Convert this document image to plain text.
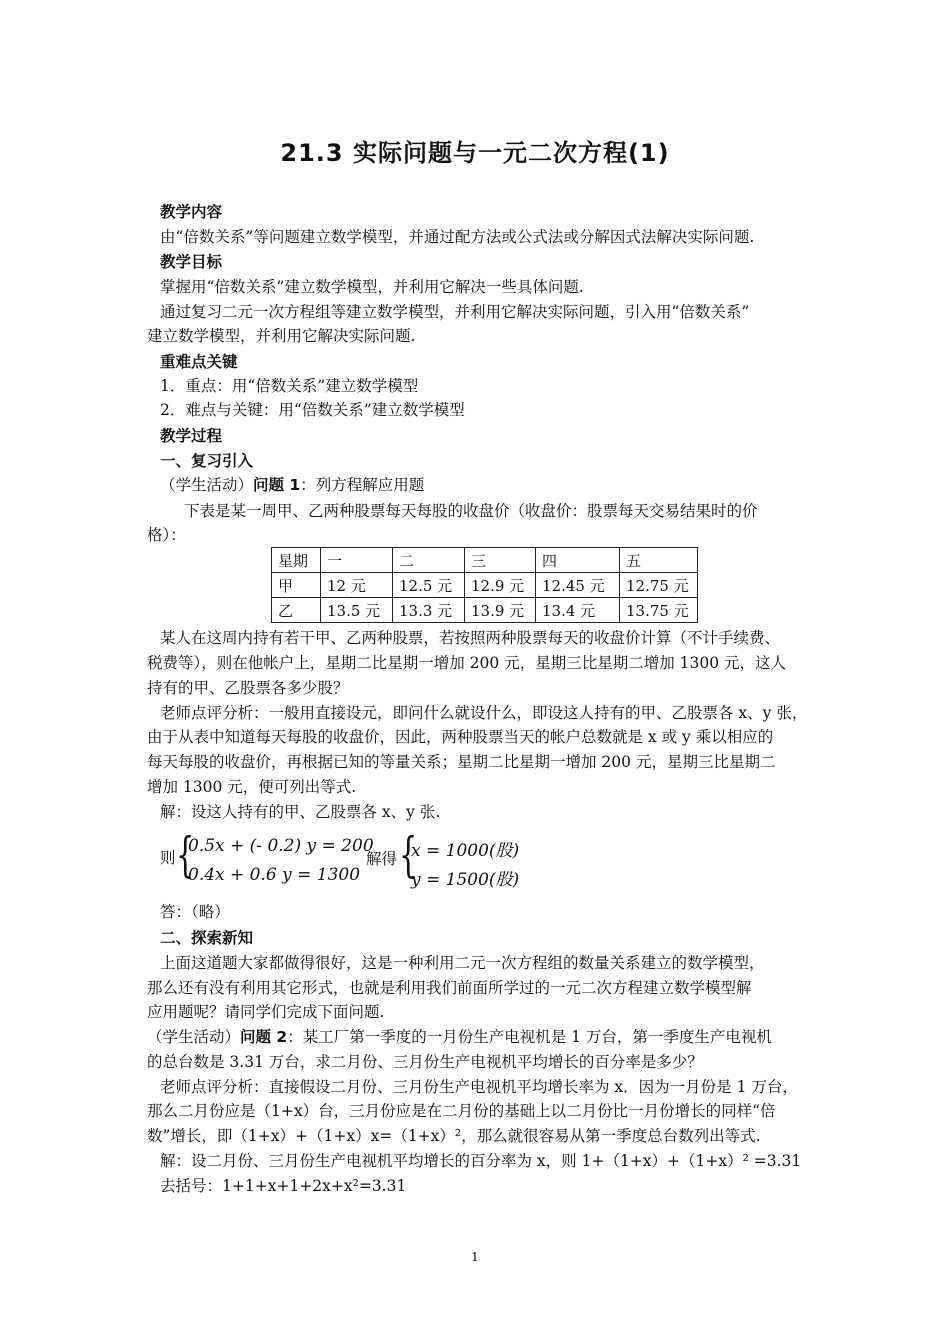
21.3 实际问题与一元二次方程(1)
教学内容
由“倍数关系”等问题建立数学模型，并通过配方法或公式法或分解因式法解决实际问题.
教学目标
掌握用“倍数关系”建立数学模型，并利用它解决一些具体问题.
通过复习二元一次方程组等建立数学模型，并利用它解决实际问题，引入用“倍数关系”
建立数学模型，并利用它解决实际问题.
重难点关键
1．重点：用“倍数关系”建立数学模型
2．难点与关键：用“倍数关系”建立数学模型
教学过程
一、复习引入
（学生活动）问题 1：列方程解应用题
下表是某一周甲、乙两种股票每天每股的收盘价（收盘价：股票每天交易结果时的价
格）：
星期	一	二	三	四	五
甲	12 元	12.5 元	12.9 元	12.45 元	12.75 元
乙	13.5 元	13.3 元	13.9 元	13.4 元	13.75 元
某人在这周内持有若干甲、乙两种股票，若按照两种股票每天的收盘价计算（不计手续费、
税费等），则在他帐户上，星期二比星期一增加 200 元，星期三比星期二增加 1300 元，这人
持有的甲、乙股票各多少股？
老师点评分析：一般用直接设元，即问什么就设什么，即设这人持有的甲、乙股票各 x、y 张，
由于从表中知道每天每股的收盘价，因此，两种股票当天的帐户总数就是 x 或 y 乘以相应的
每天每股的收盘价，再根据已知的等量关系；星期二比星期一增加 200 元，星期三比星期二
增加 1300 元，便可列出等式.
解：设这人持有的甲、乙股票各 x、y 张.
则 {
0.5x + (- 0.2) y = 200
0.4x + 0.6 y = 1300
解得 {
x = 1000(股)
y = 1500(股)
答：（略）
二、探索新知
上面这道题大家都做得很好，这是一种利用二元一次方程组的数量关系建立的数学模型，
那么还有没有利用其它形式，也就是利用我们前面所学过的一元二次方程建立数学模型解
应用题呢？请同学们完成下面问题.
（学生活动）问题 2：某工厂第一季度的一月份生产电视机是 1 万台，第一季度生产电视机
的总台数是 3.31 万台，求二月份、三月份生产电视机平均增长的百分率是多少？
老师点评分析：直接假设二月份、三月份生产电视机平均增长率为 x．因为一月份是 1 万台，
那么二月份应是（1+x）台，三月份应是在二月份的基础上以二月份比一月份增长的同样“倍
数”增长，即（1+x）+（1+x）x=（1+x）²，那么就很容易从第一季度总台数列出等式.
解：设二月份、三月份生产电视机平均增长的百分率为 x，则 1+（1+x）+（1+x）² =3.31
去括号：1+1+x+1+2x+x²=3.31
1
